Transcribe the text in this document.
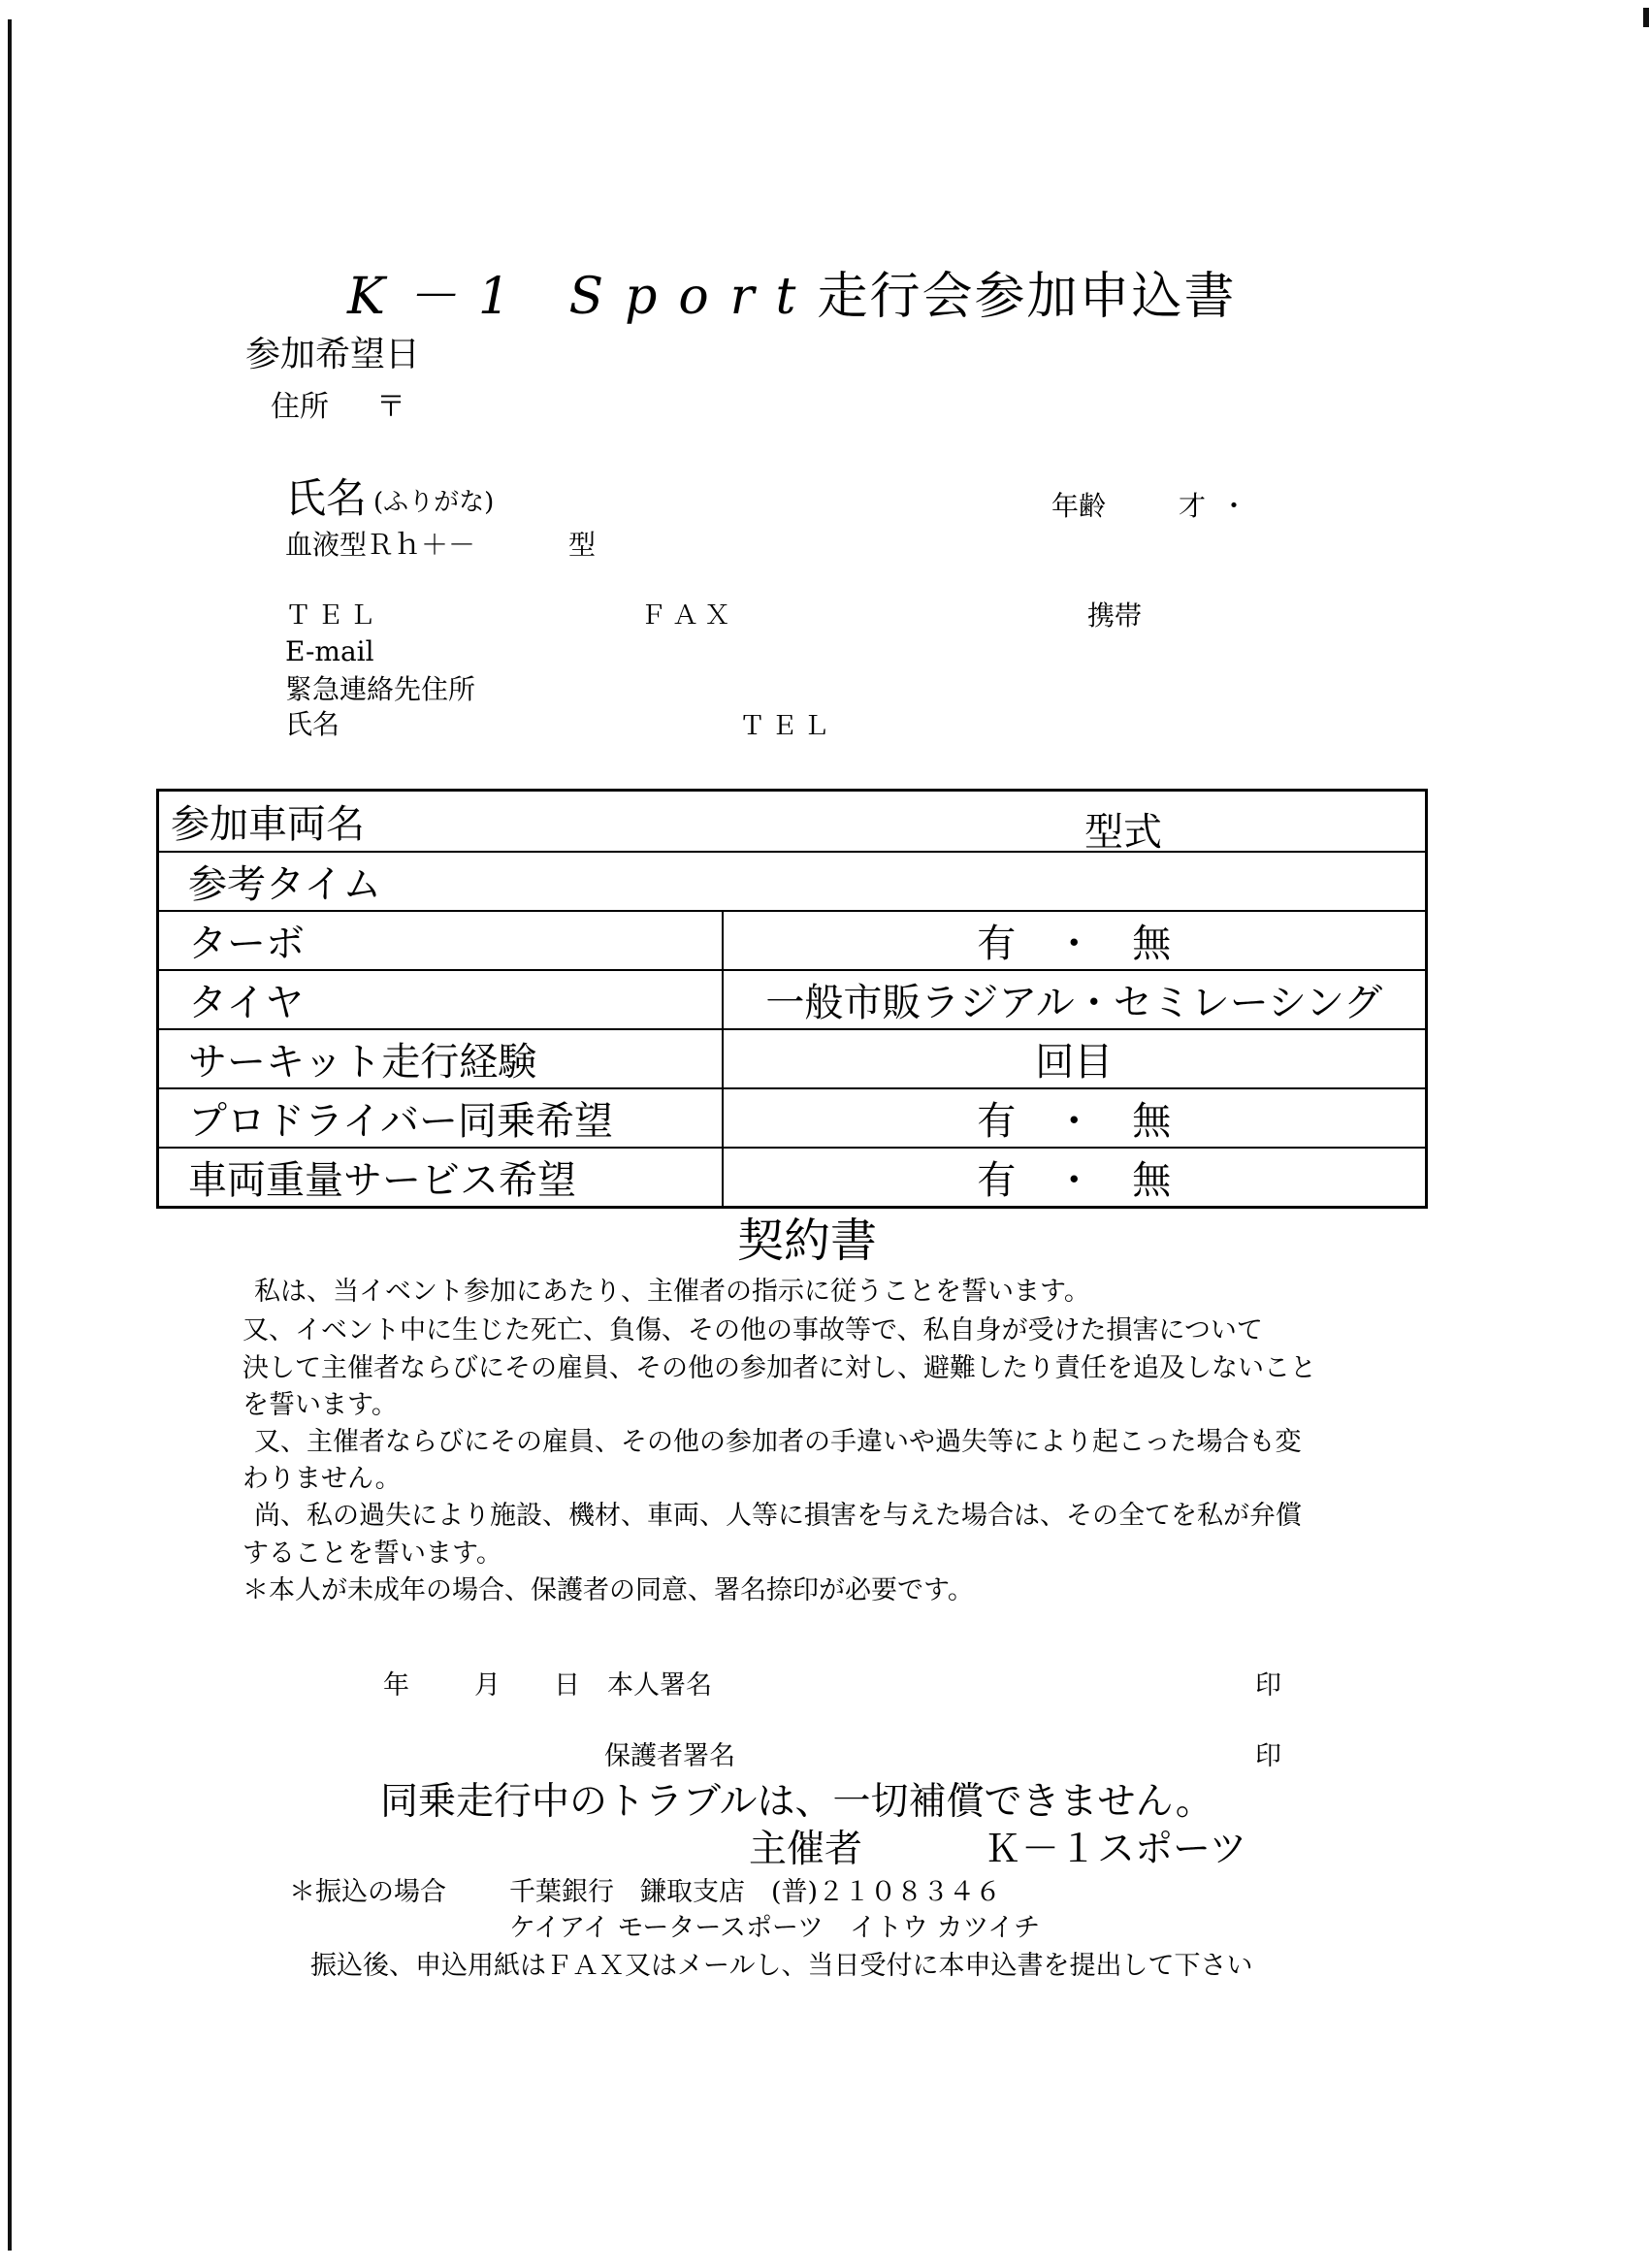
K－1 Sport走行会参加申込書
参加希望日
住所 〒
氏名 (ふりがな)	年齢	才 ・
血液型Ｒｈ＋－	型
ＴＥＬ	ＦＡＸ	携帯
E-mail
緊急連絡先住所
氏名	ＴＥＬ
参加車両名 型式	

参考タイム	
ターボ	有　・　無
タイヤ	一般市販ラジアル・セミレーシング
サーキット走行経験	回目
プロドライバー同乗希望	有　・　無
車両重量サービス希望	有　・　無
契約書
私は、当イベント参加にあたり、主催者の指示に従うことを誓います。
又、イベント中に生じた死亡、負傷、その他の事故等で、私自身が受けた損害について
決して主催者ならびにその雇員、その他の参加者に対し、避難したり責任を追及しないこと
を誓います。
又、主催者ならびにその雇員、その他の参加者の手違いや過失等により起こった場合も変
わりません。
尚、私の過失により施設、機材、車両、人等に損害を与えた場合は、その全てを私が弁償
することを誓います。
＊本人が未成年の場合、保護者の同意、署名捺印が必要です。
年 月 日 本人署名	印
保護者署名	印
同乗走行中のトラブルは、一切補償できません。
主催者	Ｋ－１スポーツ
＊振込の場合 千葉銀行　鎌取支店　(普)２１０８３４６
ケイアイ モータースポーツ　イトウ カツイチ
振込後、申込用紙はＦＡＸ又はメールし、当日受付に本申込書を提出して下さい
